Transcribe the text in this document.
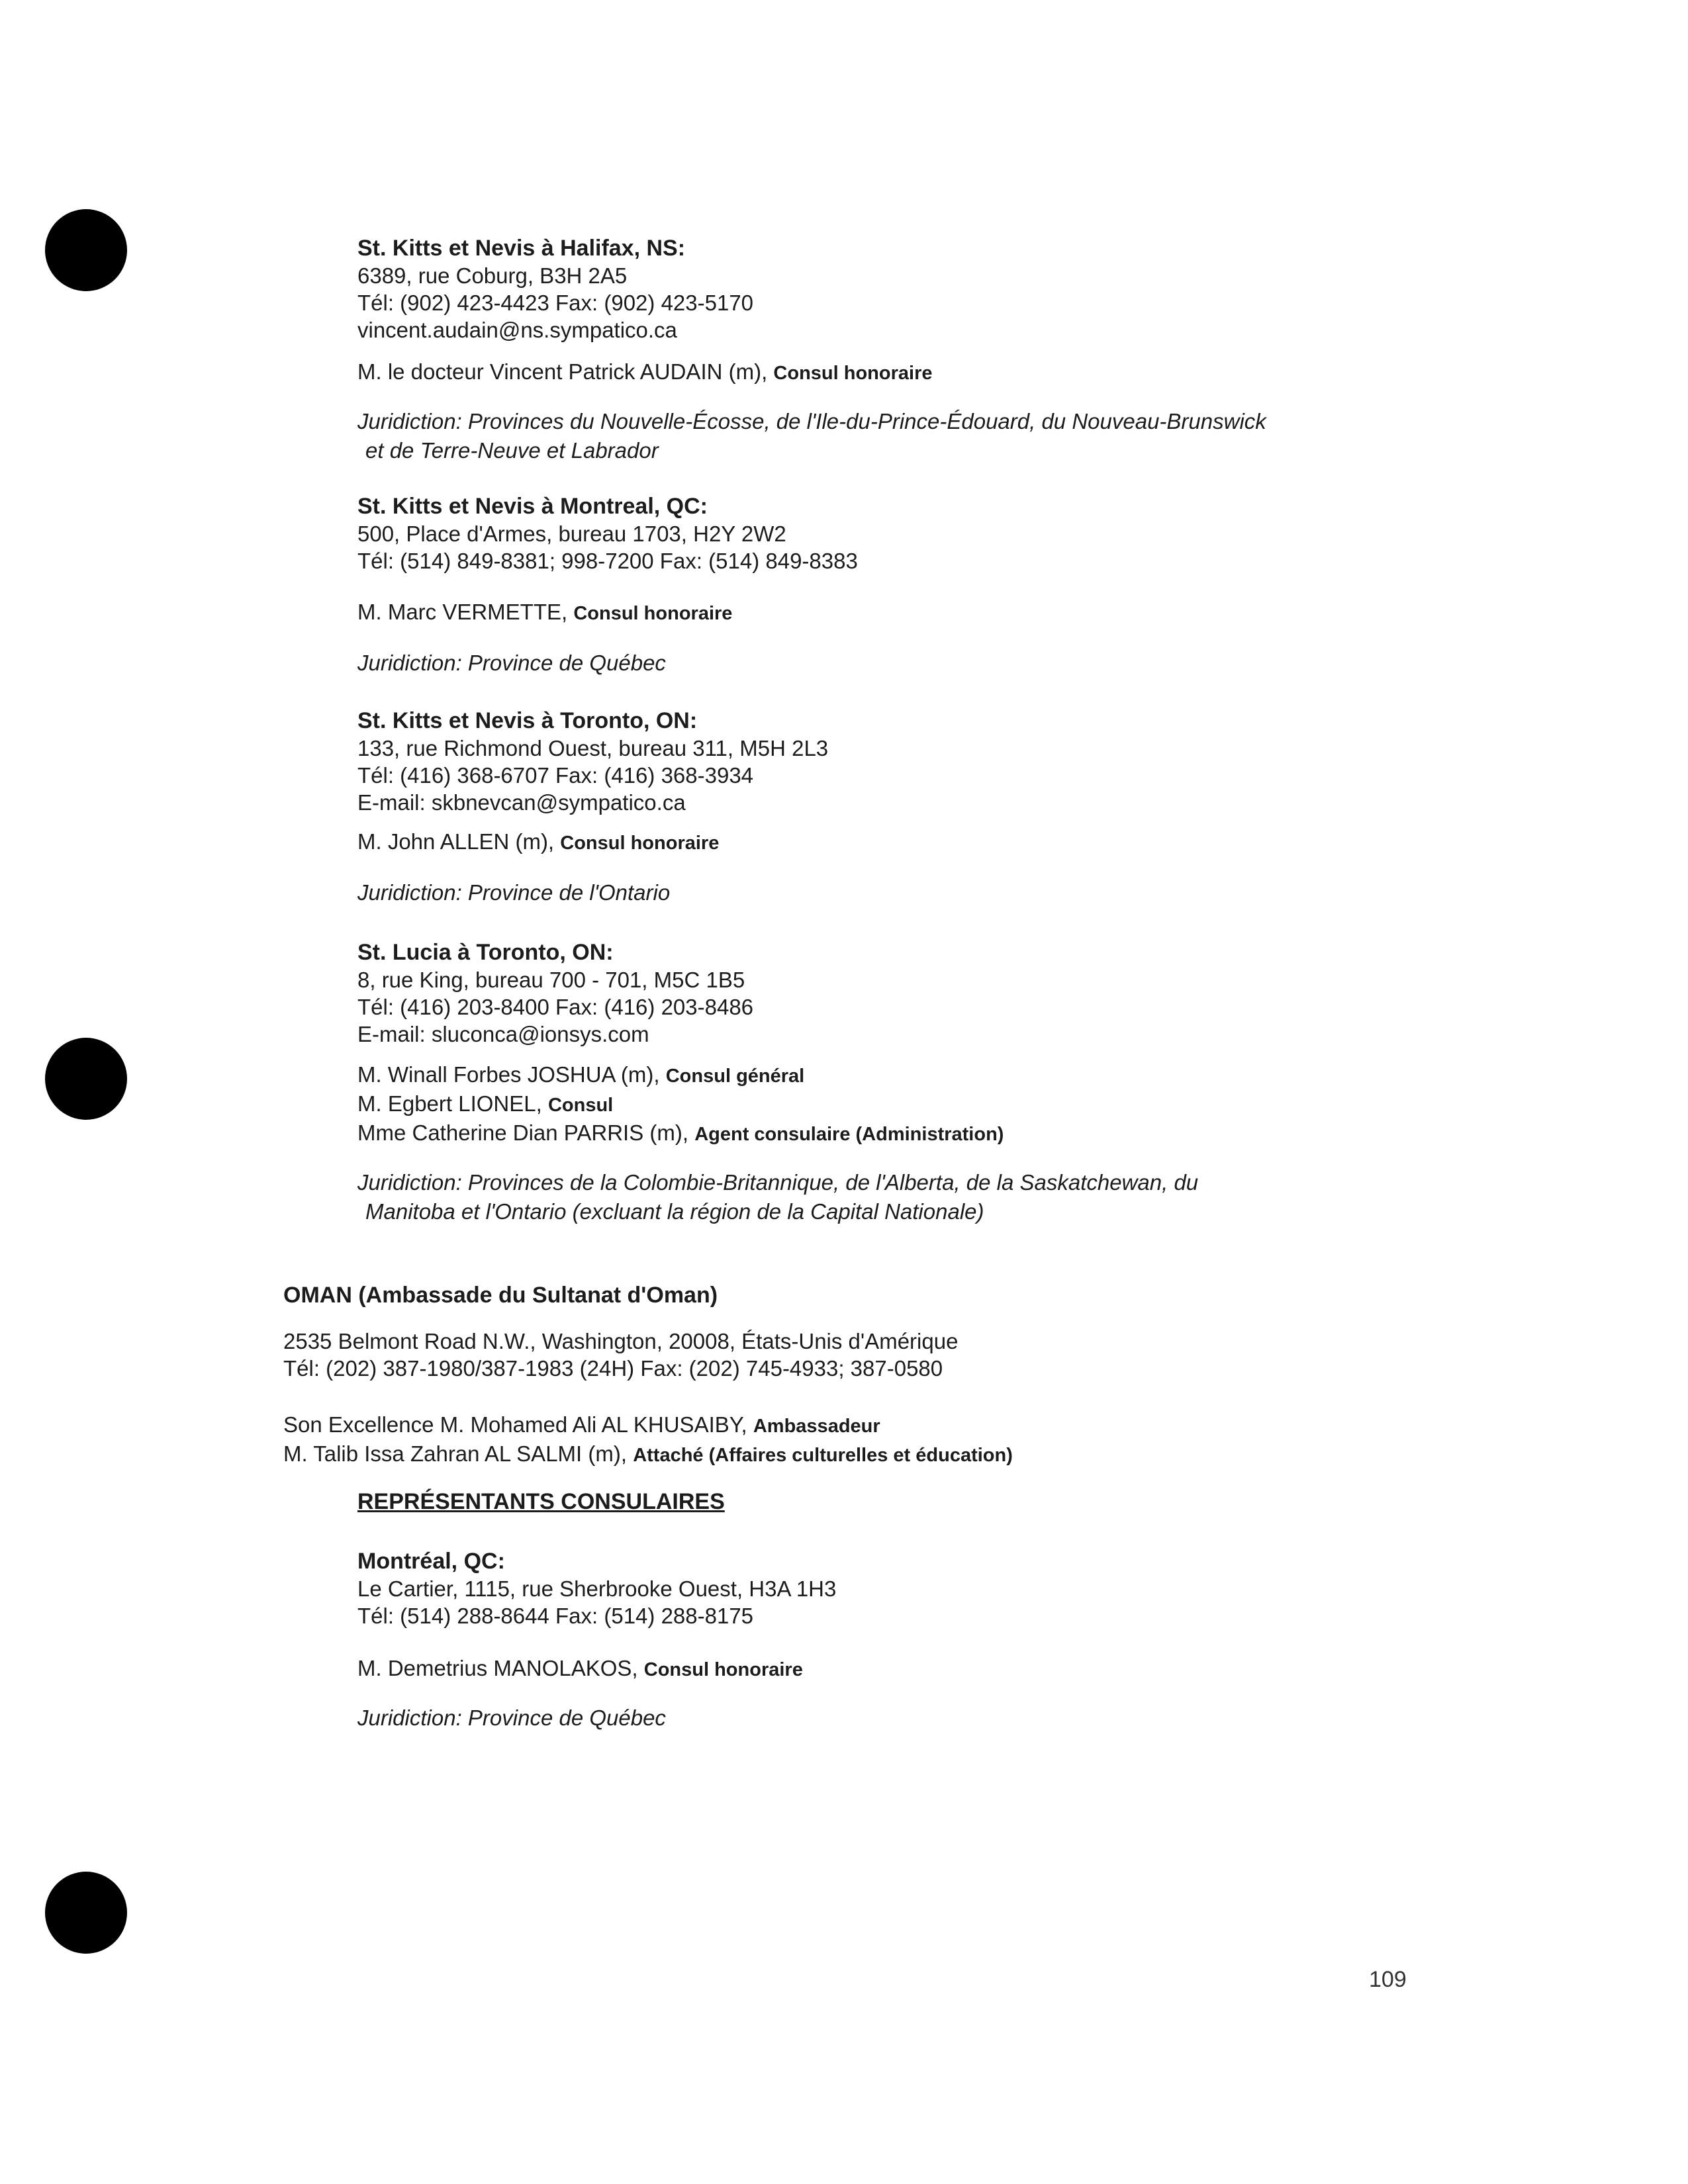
St. Kitts et Nevis à Halifax, NS:
6389, rue Coburg, B3H 2A5
Tél: (902) 423-4423 Fax: (902) 423-5170
vincent.audain@ns.sympatico.ca
M. le docteur Vincent Patrick AUDAIN (m), Consul honoraire
Juridiction: Provinces du Nouvelle-Écosse, de l'Ile-du-Prince-Édouard, du Nouveau-Brunswick
et de Terre-Neuve et Labrador
St. Kitts et Nevis à Montreal, QC:
500, Place d'Armes, bureau 1703, H2Y 2W2
Tél: (514) 849-8381; 998-7200 Fax: (514) 849-8383
M. Marc VERMETTE, Consul honoraire
Juridiction: Province de Québec
St. Kitts et Nevis à Toronto, ON:
133, rue Richmond Ouest, bureau 311, M5H 2L3
Tél: (416) 368-6707 Fax: (416) 368-3934
E-mail: skbnevcan@sympatico.ca
M. John ALLEN (m), Consul honoraire
Juridiction: Province de l'Ontario
St. Lucia à Toronto, ON:
8, rue King, bureau 700 - 701, M5C 1B5
Tél: (416) 203-8400 Fax: (416) 203-8486
E-mail: sluconca@ionsys.com
M. Winall Forbes JOSHUA (m), Consul général
M. Egbert LIONEL, Consul
Mme Catherine Dian PARRIS (m), Agent consulaire (Administration)
Juridiction: Provinces de la Colombie-Britannique, de l'Alberta, de la Saskatchewan, du
Manitoba et l'Ontario (excluant la région de la Capital Nationale)
OMAN (Ambassade du Sultanat d'Oman)
2535 Belmont Road N.W., Washington, 20008, États-Unis d'Amérique
Tél: (202) 387-1980/387-1983 (24H) Fax: (202) 745-4933; 387-0580
Son Excellence M. Mohamed Ali AL KHUSAIBY, Ambassadeur
M. Talib Issa Zahran AL SALMI (m), Attaché (Affaires culturelles et éducation)
REPRÉSENTANTS CONSULAIRES
Montréal, QC:
Le Cartier, 1115, rue Sherbrooke Ouest, H3A 1H3
Tél: (514) 288-8644 Fax: (514) 288-8175
M. Demetrius MANOLAKOS, Consul honoraire
Juridiction: Province de Québec
109
